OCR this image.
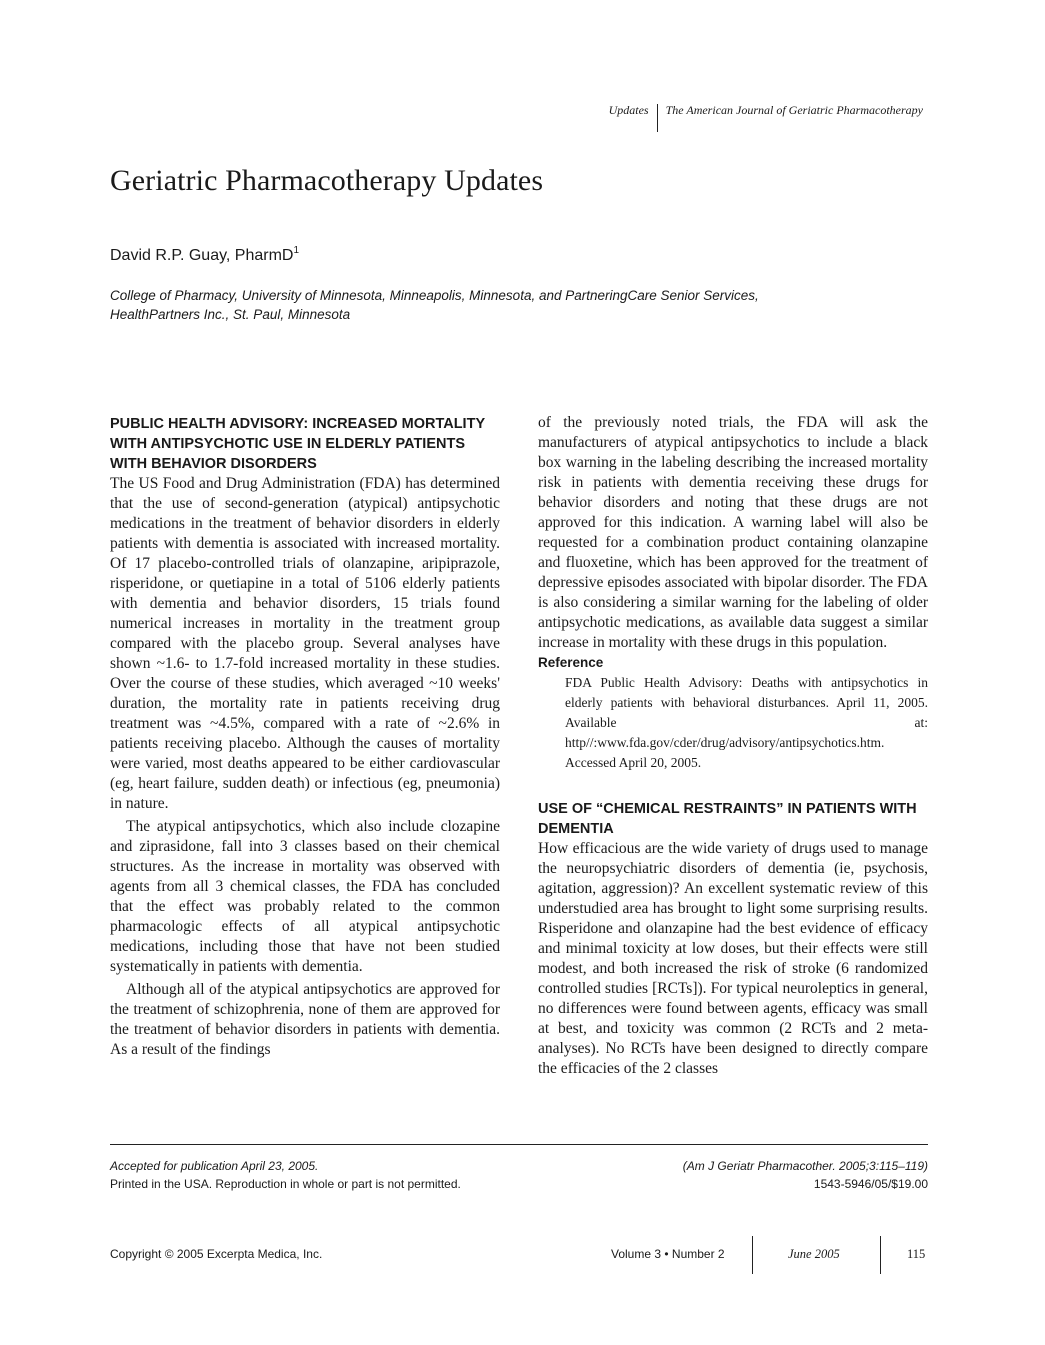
Updates The American Journal of Geriatric Pharmacotherapy
Geriatric Pharmacotherapy Updates
David R.P. Guay, PharmD$^1$
College of Pharmacy, University of Minnesota, Minneapolis, Minnesota, and PartneringCare Senior Services, HealthPartners Inc., St. Paul, Minnesota
PUBLIC HEALTH ADVISORY: INCREASED MORTALITY WITH ANTIPSYCHOTIC USE IN ELDERLY PATIENTS WITH BEHAVIOR DISORDERS

The US Food and Drug Administration (FDA) has determined that the use of second-generation (atypical) antipsychotic medications in the treatment of behavior disorders in elderly patients with dementia is associated with increased mortality. Of 17 placebo-controlled trials of olanzapine, aripiprazole, risperidone, or quetiapine in a total of 5106 elderly patients with dementia and behavior disorders, 15 trials found numerical increases in mortality in the treatment group compared with the placebo group. Several analyses have shown ~1.6- to 1.7-fold increased mortality in these studies. Over the course of these studies, which averaged ~10 weeks' duration, the mortality rate in patients receiving drug treatment was ~4.5%, compared with a rate of ~2.6% in patients receiving placebo. Although the causes of mortality were varied, most deaths appeared to be either cardiovascular (eg, heart failure, sudden death) or infectious (eg, pneumonia) in nature.

The atypical antipsychotics, which also include clozapine and ziprasidone, fall into 3 classes based on their chemical structures. As the increase in mortality was observed with agents from all 3 chemical classes, the FDA has concluded that the effect was probably related to the common pharmacologic effects of all atypical antipsychotic medications, including those that have not been studied systematically in patients with dementia.

Although all of the atypical antipsychotics are approved for the treatment of schizophrenia, none of them are approved for the treatment of behavior disorders in patients with dementia. As a result of the findings

of the previously noted trials, the FDA will ask the manufacturers of atypical antipsychotics to include a black box warning in the labeling describing the increased mortality risk in patients with dementia receiving these drugs for behavior disorders and noting that these drugs are not approved for this indication. A warning label will also be requested for a combination product containing olanzapine and fluoxetine, which has been approved for the treatment of depressive episodes associated with bipolar disorder. The FDA is also considering a similar warning for the labeling of older antipsychotic medications, as available data suggest a similar increase in mortality with these drugs in this population.

Reference

FDA Public Health Advisory: Deaths with antipsychotics in elderly patients with behavioral disturbances. April 11, 2005. Available at: http//:www.fda.gov/cder/drug/advisory/antipsychotics.htm. Accessed April 20, 2005.

USE OF “CHEMICAL RESTRAINTS” IN PATIENTS WITH DEMENTIA

How efficacious are the wide variety of drugs used to manage the neuropsychiatric disorders of dementia (ie, psychosis, agitation, aggression)? An excellent systematic review of this understudied area has brought to light some surprising results. Risperidone and olanzapine had the best evidence of efficacy and minimal toxicity at low doses, but their effects were still modest, and both increased the risk of stroke (6 randomized controlled studies [RCTs]). For typical neuroleptics in general, no differences were found between agents, efficacy was small at best, and toxicity was common (2 RCTs and 2 meta-analyses). No RCTs have been designed to directly compare the efficacies of the 2 classes

Accepted for publication April 23, 2005.
Printed in the USA. Reproduction in whole or part is not permitted.
(Am J Geriatr Pharmacother. 2005;3:115–119)
1543-5946/05/$19.00
Copyright © 2005 Excerpta Medica, Inc.	Volume 3 • Number 2	June 2005	115
